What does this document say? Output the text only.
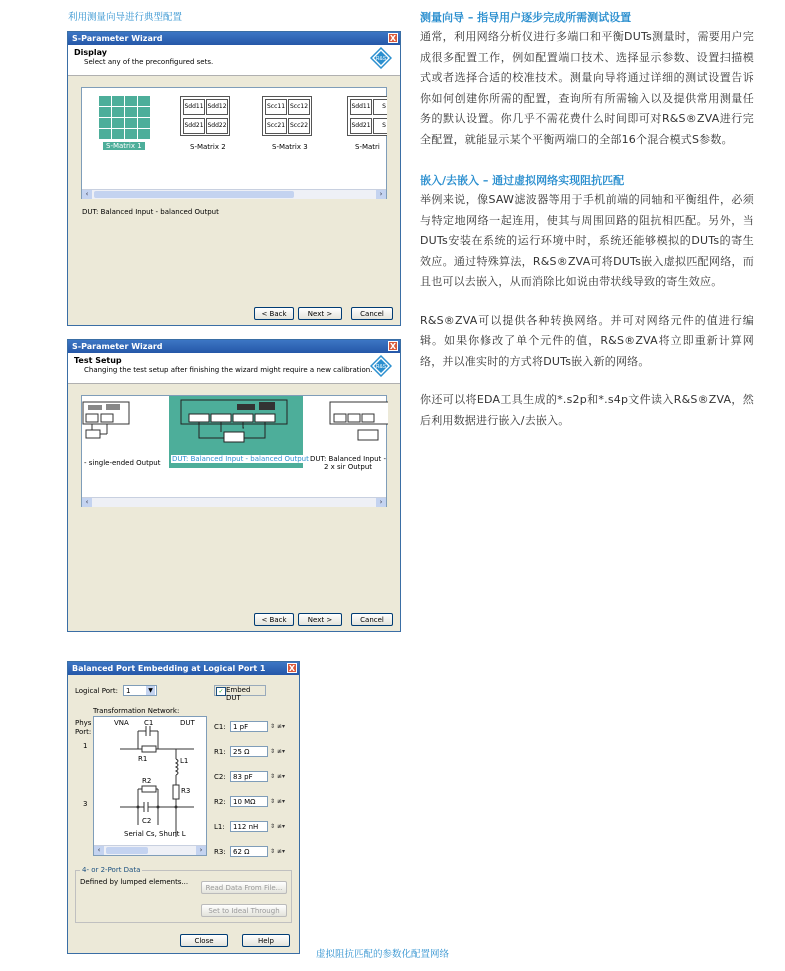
利用测量向导进行典型配置
虚拟阻抗匹配的参数化配置网络
S-Parameter Wizard	X
Display
Select any of the preconfigured sets.	R&S
S-Matrix 1
Sdd11 Sdd12
Sdd21 Sdd22
S-Matrix 2
Scc11 Scc12
Scc21 Scc22
S-Matrix 3
Sdd11	S
Sdd21	S
S-Matri
‹	›
DUT: Balanced Input - balanced Output
< Back	Next >	Cancel
S-Parameter Wizard	X
Test Setup
Changing the test setup after finishing the wizard might require a new calibration. R&S
- single-ended Output DUT: Balanced Input - balanced Output DUT: Balanced Input - 2 x sir Output
‹	›
< Back	Next >	Cancel
Balanced Port Embedding at Logical Port 1	X
Logical Port:	1	▼	✓ Embed DUT
Transformation Network:
Phys
Port:
1
3
VNA C1	DUT
R1	L1
R2
R3
C2
Serial Cs, Shunt L
‹	›
C1:	1 pF	⇕ ≢▾
R1:	25 Ω	⇕ ≢▾
C2:	83 pF	⇕ ≢▾
R2:	10 MΩ	⇕ ≢▾
L1:	112 nH	⇕ ≢▾
R3:	62 Ω	⇕ ≢▾
4- or 2-Port Data
Defined by lumped elements...
Read Data From File...
Set to Ideal Through
Close	Help
测量向导 – 指导用户逐步完成所需测试设置
通常，利用网络分析仪进行多端口和平衡DUTs测量时，需要用户完成很多配置工作，例如配置端口技术、选择显示参数、设置扫描模式或者选择合适的校准技术。测量向导将通过详细的测试设置告诉你如何创建你所需的配置，查询所有所需输入以及提供常用测量任务的默认设置。你几乎不需花费什么时间即可对R&S®ZVA进行完全配置，就能显示某个平衡两端口的全部16个混合模式S参数。
嵌入/去嵌入 – 通过虚拟网络实现阻抗匹配
举例来说，像SAW滤波器等用于手机前端的同轴和平衡组件，必须与特定地网络一起连用，使其与周围回路的阻抗相匹配。另外，当DUTs安装在系统的运行环境中时，系统还能够模拟的DUTs的寄生效应。通过特殊算法，R&S®ZVA可将DUTs嵌入虚拟匹配网络，而且也可以去嵌入，从而消除比如说由带状线导致的寄生效应。
R&S®ZVA可以提供各种转换网络。并可对网络元件的值进行编辑。如果你修改了单个元件的值，R&S®ZVA将立即重新计算网络，并以准实时的方式将DUTs嵌入新的网络。
你还可以将EDA工具生成的*.s2p和*.s4p文件读入R&S®ZVA，然后利用数据进行嵌入/去嵌入。
